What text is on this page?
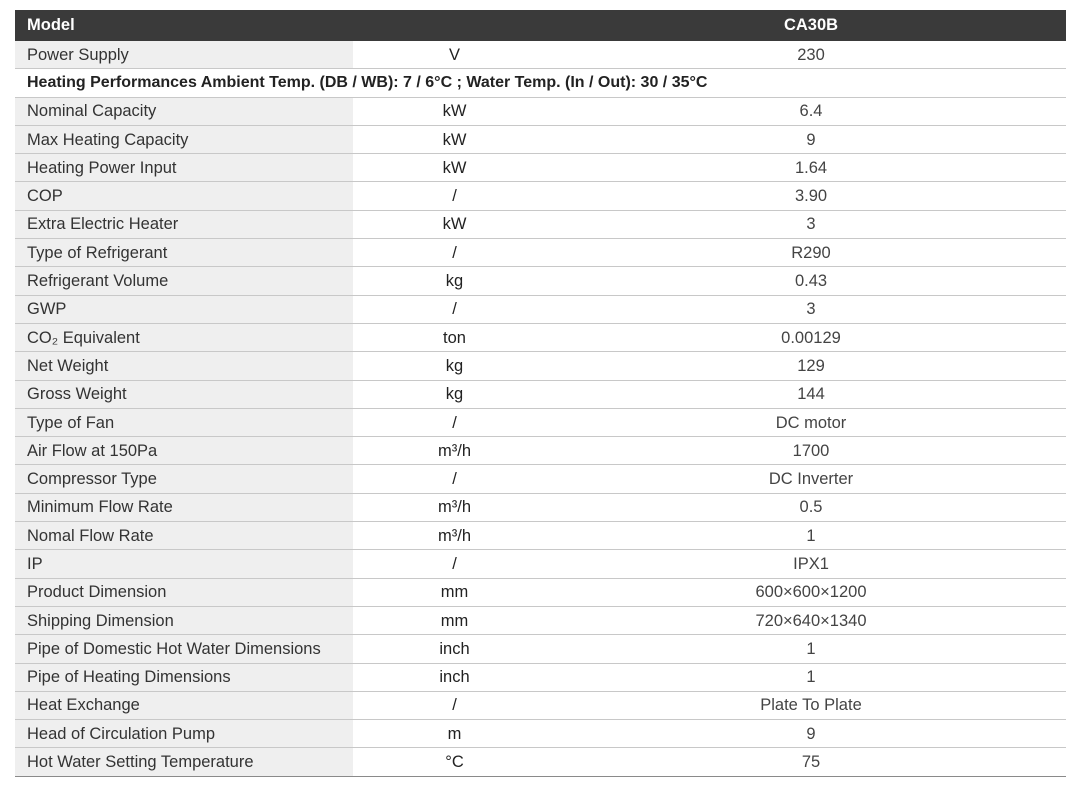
Model		CA30B
Power Supply	V	230
Heating Performances Ambient Temp. (DB / WB): 7 / 6°C ; Water Temp. (In / Out): 30 / 35°C		
Nominal Capacity	kW	6.4
Max Heating Capacity	kW	9
Heating Power Input	kW	1.64
COP	/	3.90
Extra Electric Heater	kW	3
Type of Refrigerant	/	R290
Refrigerant Volume	kg	0.43
GWP	/	3
CO₂ Equivalent	ton	0.00129
Net Weight	kg	129
Gross Weight	kg	144
Type of Fan	/	DC motor
Air Flow at 150Pa	m³/h	1700
Compressor Type	/	DC Inverter
Minimum Flow Rate	m³/h	0.5
Nomal Flow Rate	m³/h	1
IP	/	IPX1
Product Dimension	mm	600×600×1200
Shipping Dimension	mm	720×640×1340
Pipe of Domestic Hot Water Dimensions	inch	1
Pipe of Heating Dimensions	inch	1
Heat Exchange	/	Plate To Plate
Head of Circulation Pump	m	9
Hot Water Setting Temperature	°C	75
